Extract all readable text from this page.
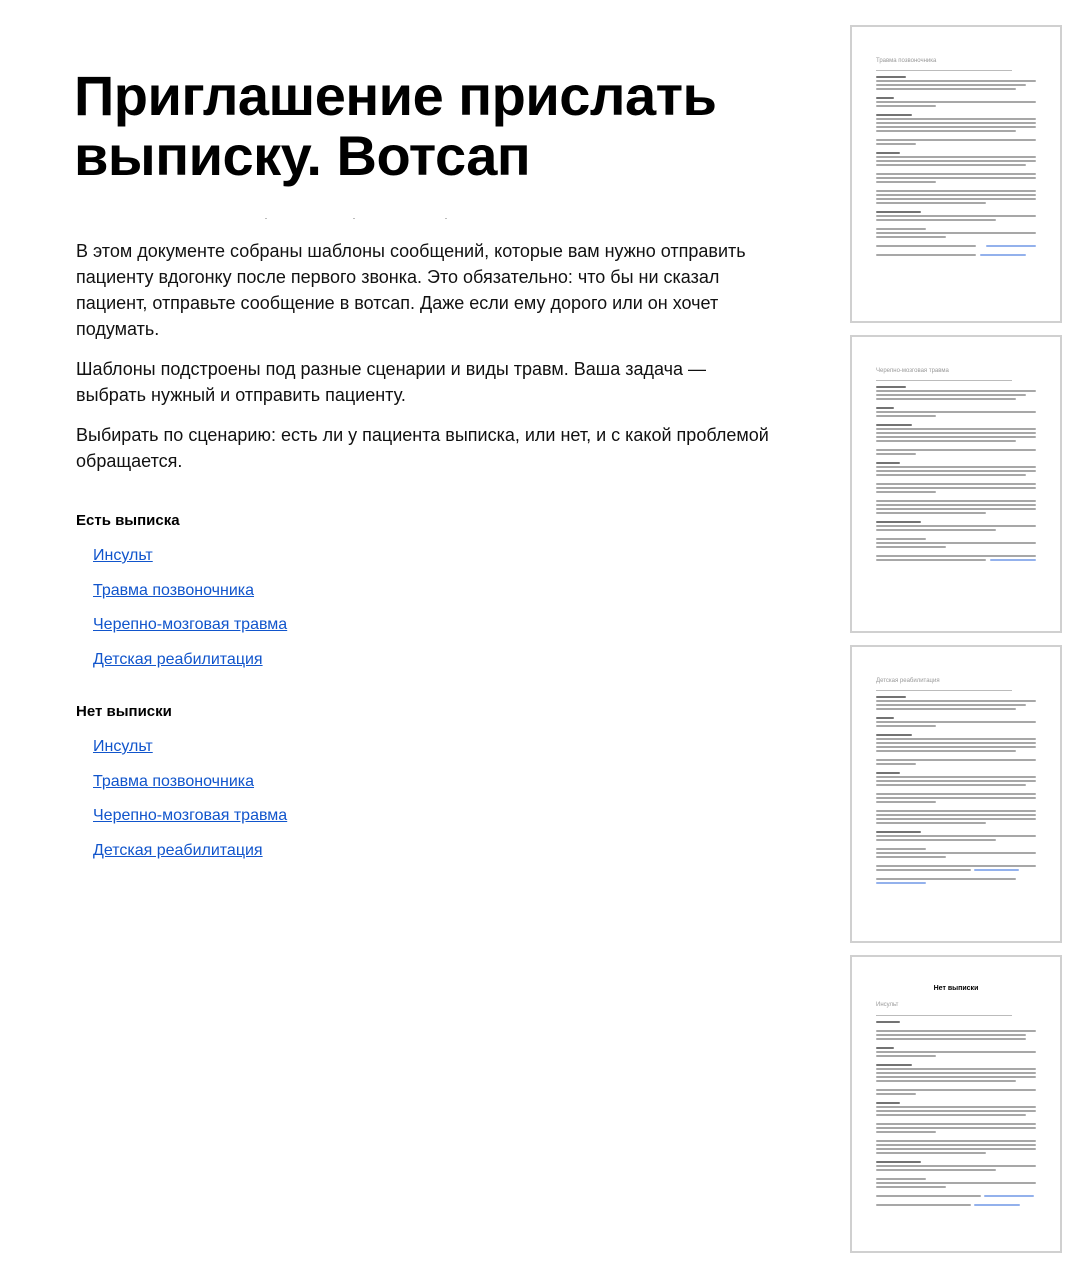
Приглашение прислать выписку. Вотсап

В этом документе собраны шаблоны сообщений, которые вам нужно отправить пациенту вдогонку после первого звонка. Это обязательно: что бы ни сказал пациент, отправьте сообщение в вотсап. Даже если ему дорого или он хочет подумать.

Шаблоны подстроены под разные сценарии и виды травм. Ваша задача — выбрать нужный и отправить пациенту.

Выбирать по сценарию: есть ли у пациента выписка, или нет, и с какой проблемой обращается.

Есть выписка
Инсульт
Травма позвоночника
Черепно-мозговая травма
Детская реабилитация
Нет выписки
Инсульт
Травма позвоночника
Черепно-мозговая травма
Детская реабилитация
Травма позвоночника
Черепно-мозговая травма
Детская реабилитация
Нет выписки
Инсульт
